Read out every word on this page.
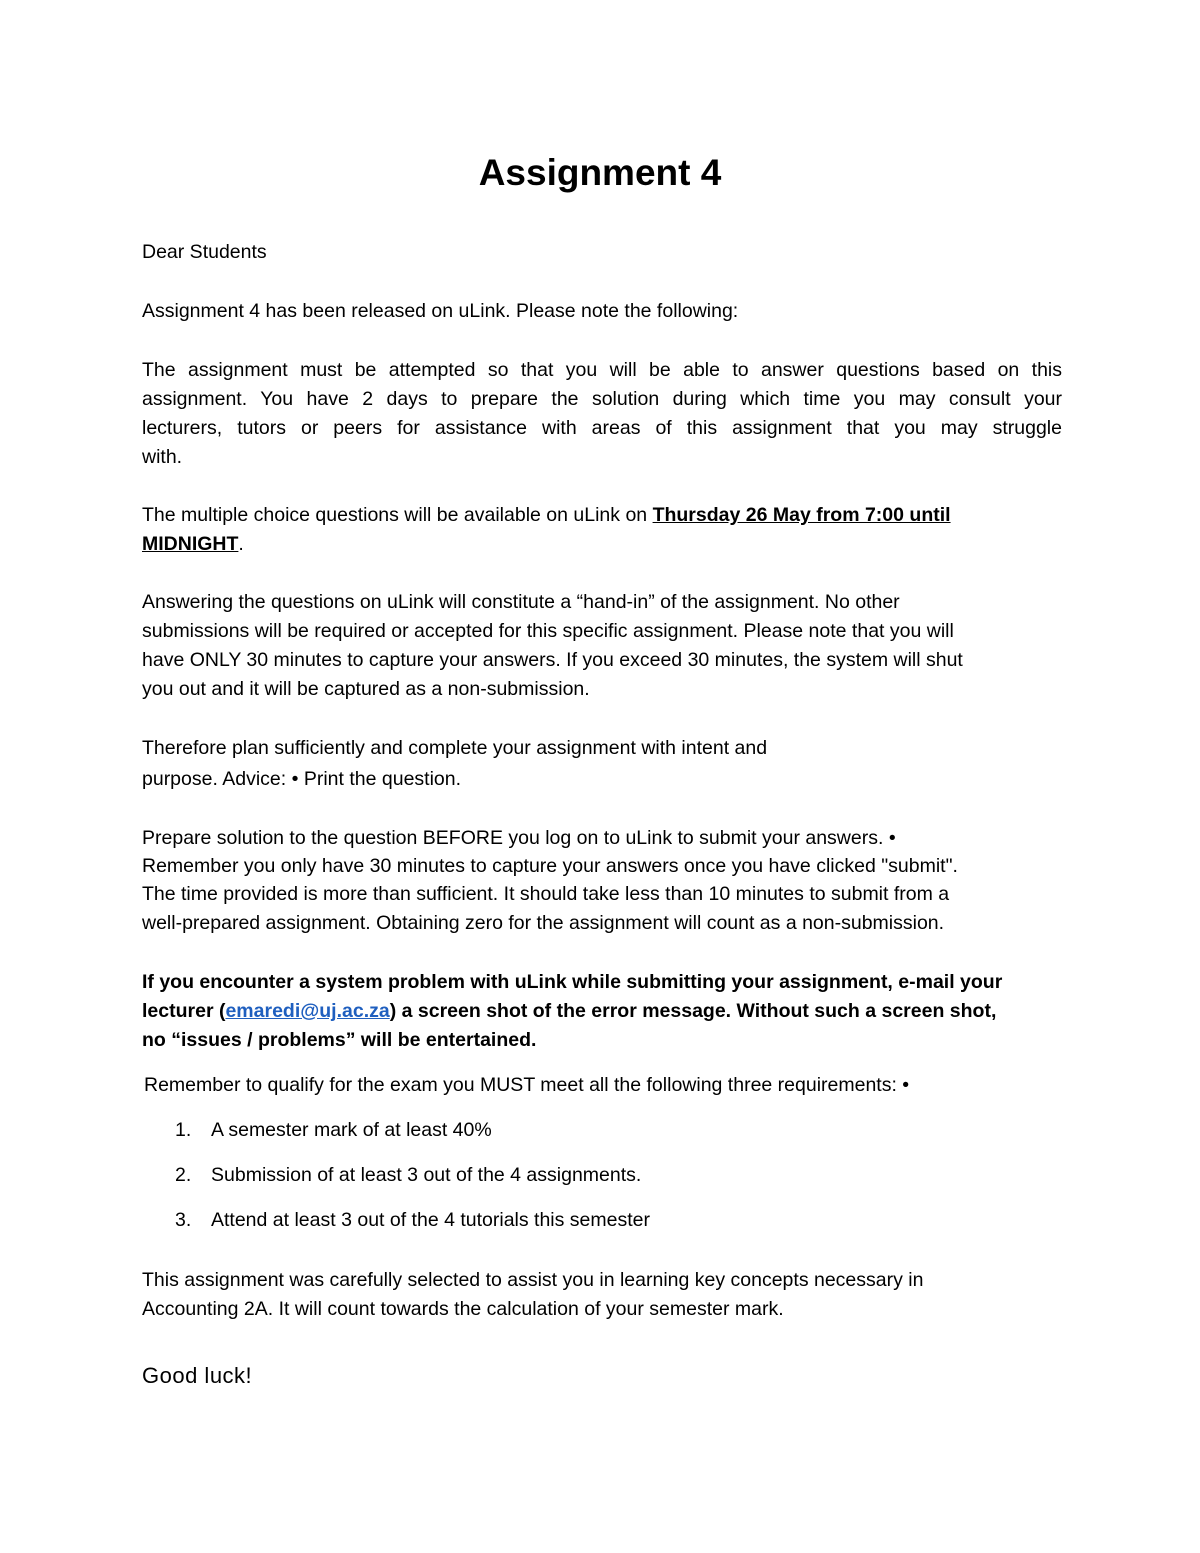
Assignment 4
Dear Students
Assignment 4 has been released on uLink. Please note the following:
The assignment must be attempted so that you will be able to answer questions based on this
assignment. You have 2 days to prepare the solution during which time you may consult your
lecturers, tutors or peers for assistance with areas of this assignment that you may struggle
with.
The multiple choice questions will be available on uLink on Thursday 26 May from 7:00 until
MIDNIGHT.
Answering the questions on uLink will constitute a “hand-in” of the assignment. No other
submissions will be required or accepted for this specific assignment. Please note that you will
have ONLY 30 minutes to capture your answers. If you exceed 30 minutes, the system will shut
you out and it will be captured as a non-submission.
Therefore plan sufficiently and complete your assignment with intent and
purpose. Advice: • Print the question.
Prepare solution to the question BEFORE you log on to uLink to submit your answers. •
Remember you only have 30 minutes to capture your answers once you have clicked "submit".
The time provided is more than sufficient. It should take less than 10 minutes to submit from a
well-prepared assignment. Obtaining zero for the assignment will count as a non-submission.
If you encounter a system problem with uLink while submitting your assignment, e-mail your
lecturer (emaredi@uj.ac.za) a screen shot of the error message. Without such a screen shot,
no “issues / problems” will be entertained.
Remember to qualify for the exam you MUST meet all the following three requirements: •
1. A semester mark of at least 40%
2. Submission of at least 3 out of the 4 assignments.
3. Attend at least 3 out of the 4 tutorials this semester
This assignment was carefully selected to assist you in learning key concepts necessary in
Accounting 2A. It will count towards the calculation of your semester mark.
Good luck!
